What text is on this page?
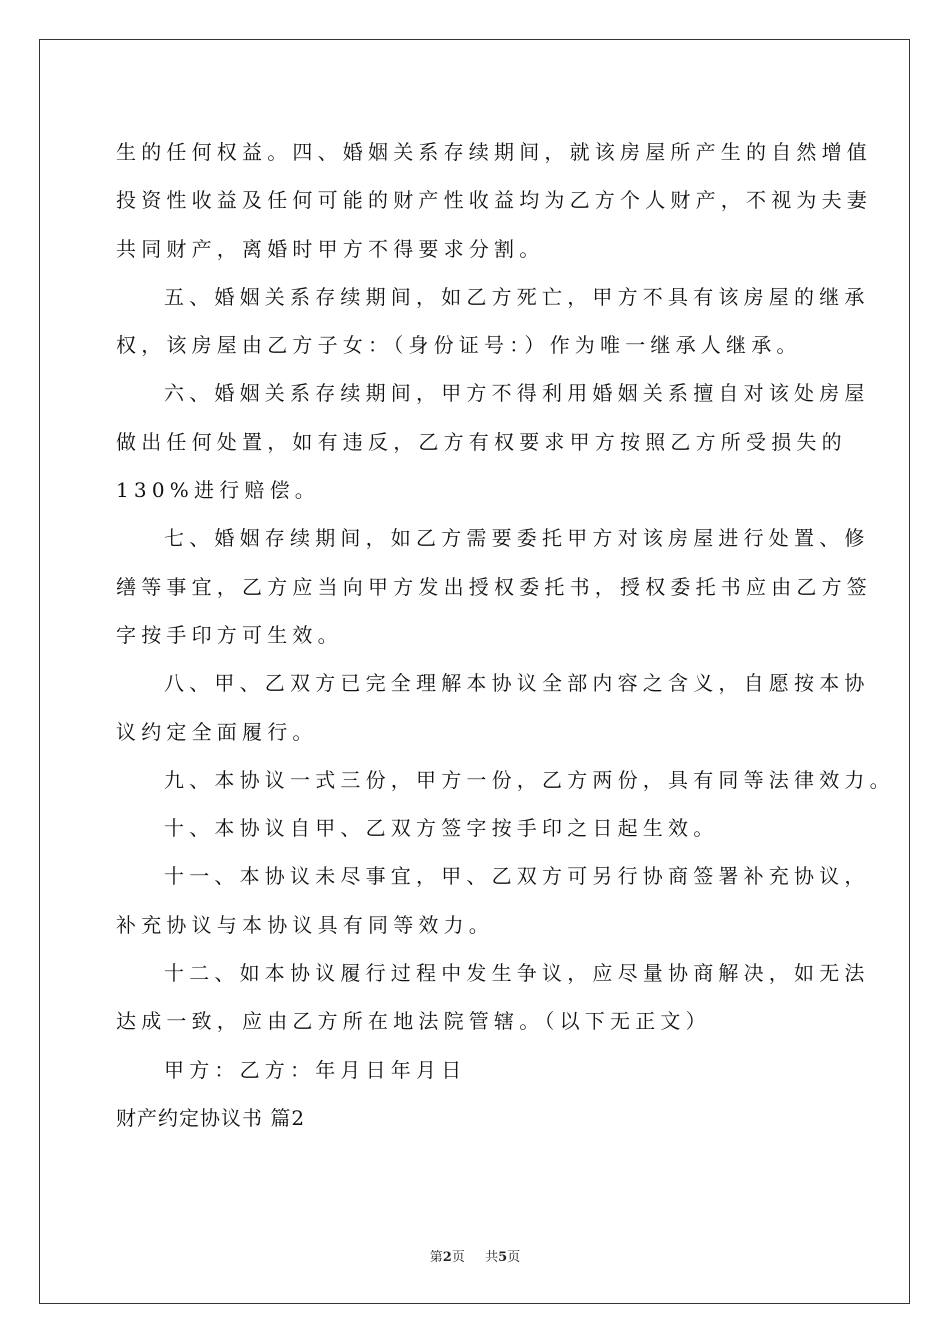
生的任何权益。四、婚姻关系存续期间，就该房屋所产生的自然增值
投资性收益及任何可能的财产性收益均为乙方个人财产，不视为夫妻
共同财产，离婚时甲方不得要求分割。
五、婚姻关系存续期间，如乙方死亡，甲方不具有该房屋的继承
权，该房屋由乙方子女：（身份证号：）作为唯一继承人继承。
六、婚姻关系存续期间，甲方不得利用婚姻关系擅自对该处房屋
做出任何处置，如有违反，乙方有权要求甲方按照乙方所受损失的
130%进行赔偿。
七、婚姻存续期间，如乙方需要委托甲方对该房屋进行处置、修
缮等事宜，乙方应当向甲方发出授权委托书，授权委托书应由乙方签
字按手印方可生效。
八、甲、乙双方已完全理解本协议全部内容之含义，自愿按本协
议约定全面履行。
九、本协议一式三份，甲方一份，乙方两份，具有同等法律效力。
十、本协议自甲、乙双方签字按手印之日起生效。
十一、本协议未尽事宜，甲、乙双方可另行协商签署补充协议，
补充协议与本协议具有同等效力。
十二、如本协议履行过程中发生争议，应尽量协商解决，如无法
达成一致，应由乙方所在地法院管辖。（以下无正文）
甲方：乙方：年月日年月日
财产约定协议书 篇2
第2页 共5页
